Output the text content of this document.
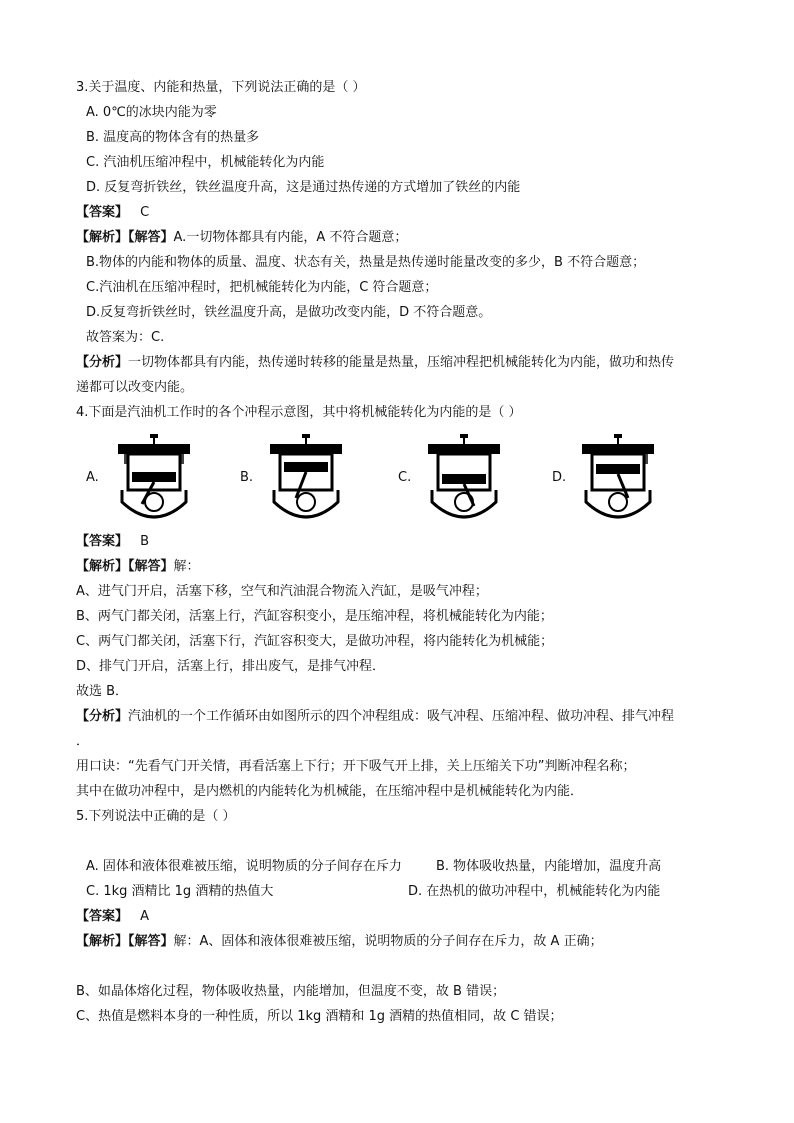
3.关于温度、内能和热量，下列说法正确的是（ ）
A. 0℃的冰块内能为零
B. 温度高的物体含有的热量多
C. 汽油机压缩冲程中，机械能转化为内能
D. 反复弯折铁丝，铁丝温度升高，这是通过热传递的方式增加了铁丝的内能
【答案】 C
【解析】【解答】A.一切物体都具有内能，A 不符合题意；
B.物体的内能和物体的质量、温度、状态有关，热量是热传递时能量改变的多少，B 不符合题意；
C.汽油机在压缩冲程时，把机械能转化为内能，C 符合题意；
D.反复弯折铁丝时，铁丝温度升高，是做功改变内能，D 不符合题意。
故答案为：C.
【分析】一切物体都具有内能，热传递时转移的能量是热量，压缩冲程把机械能转化为内能，做功和热传
递都可以改变内能。
4.下面是汽油机工作时的各个冲程示意图，其中将机械能转化为内能的是（ ）
A.	B.	C.	D.
【答案】 B
【解析】【解答】解：
A、进气门开启，活塞下移，空气和汽油混合物流入汽缸，是吸气冲程；
B、两气门都关闭，活塞上行，汽缸容积变小，是压缩冲程，将机械能转化为内能；
C、两气门都关闭，活塞下行，汽缸容积变大，是做功冲程，将内能转化为机械能；
D、排气门开启，活塞上行，排出废气，是排气冲程．
故选 B．
【分析】汽油机的一个工作循环由如图所示的四个冲程组成：吸气冲程、压缩冲程、做功冲程、排气冲程
．
用口诀：“先看气门开关情，再看活塞上下行；开下吸气开上排，关上压缩关下功”判断冲程名称；
其中在做功冲程中，是内燃机的内能转化为机械能，在压缩冲程中是机械能转化为内能．
5.下列说法中正确的是（ ）
A. 固体和液体很难被压缩，说明物质的分子间存在斥力	B. 物体吸收热量，内能增加，温度升高
C. 1kg 酒精比 1g 酒精的热值大	D. 在热机的做功冲程中，机械能转化为内能
【答案】 A
【解析】【解答】解：A、固体和液体很难被压缩，说明物质的分子间存在斥力，故 A 正确；
B、如晶体熔化过程，物体吸收热量，内能增加，但温度不变，故 B 错误；
C、热值是燃料本身的一种性质，所以 1kg 酒精和 1g 酒精的热值相同，故 C 错误；
